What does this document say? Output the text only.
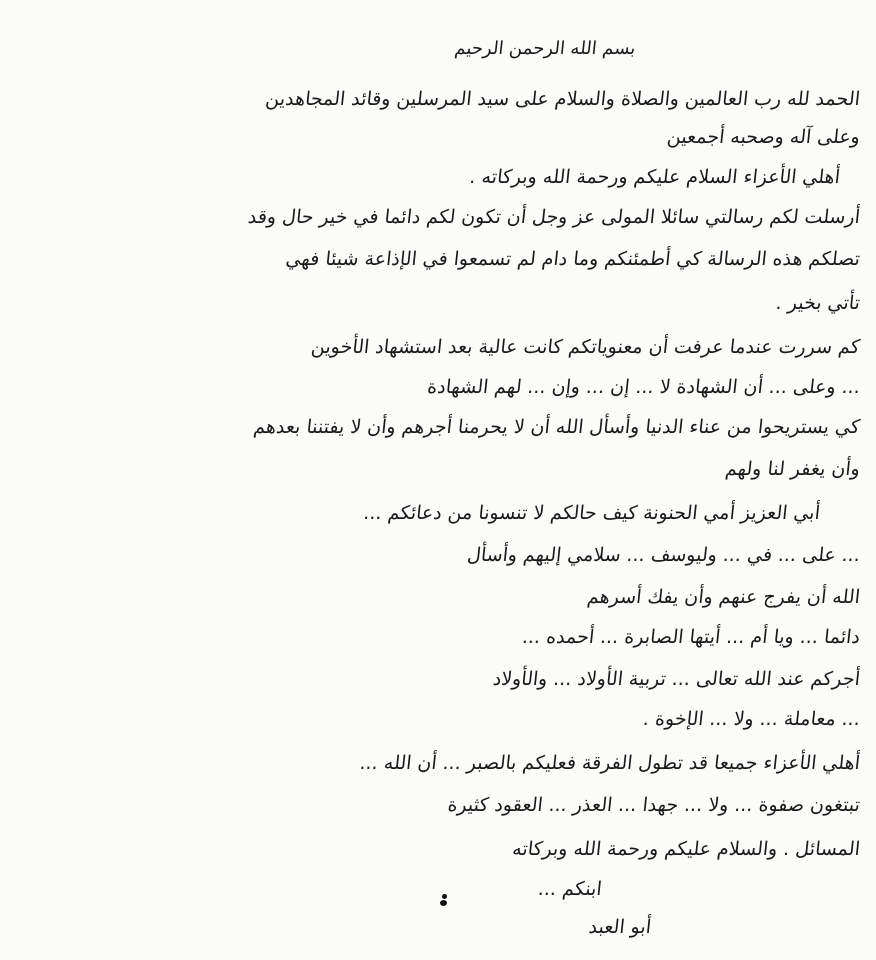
بسم الله الرحمن الرحيم
الحمد لله رب العالمين والصلاة والسلام على سيد المرسلين وقائد المجاهدين
وعلى آله وصحبه أجمعين
أهلي الأعزاء السلام عليكم ورحمة الله وبركاته .
أرسلت لكم رسالتي سائلا المولى عز وجل أن تكون لكم دائما في خير حال وقد
تصلكم هذه الرسالة كي أطمئنكم وما دام لم تسمعوا في الإذاعة شيئا فهي
تأتي بخير .
كم سررت عندما عرفت أن معنوياتكم كانت عالية بعد استشهاد الأخوين
... وعلى ... أن الشهادة لا ... إن ... وإن ... لهم الشهادة
كي يستريحوا من عناء الدنيا وأسأل الله أن لا يحرمنا أجرهم وأن لا يفتننا بعدهم
وأن يغفر لنا ولهم
أبي العزيز أمي الحنونة كيف حالكم لا تنسونا من دعائكم ...
... على ... في ... وليوسف ... سلامي إليهم وأسأل
الله أن يفرج عنهم وأن يفك أسرهم
دائما ... ويا أم ... أيتها الصابرة ... أحمده ...
أجركم عند الله تعالى ... تربية الأولاد ... والأولاد
... معاملة ... ولا ... الإخوة .
أهلي الأعزاء جميعا قد تطول الفرقة فعليكم بالصبر ... أن الله ...
تبتغون صفوة ... ولا ... جهدا ... العذر ... العقود كثيرة
المسائل . والسلام عليكم ورحمة الله وبركاته
ابنكم ...
أبو العبد
